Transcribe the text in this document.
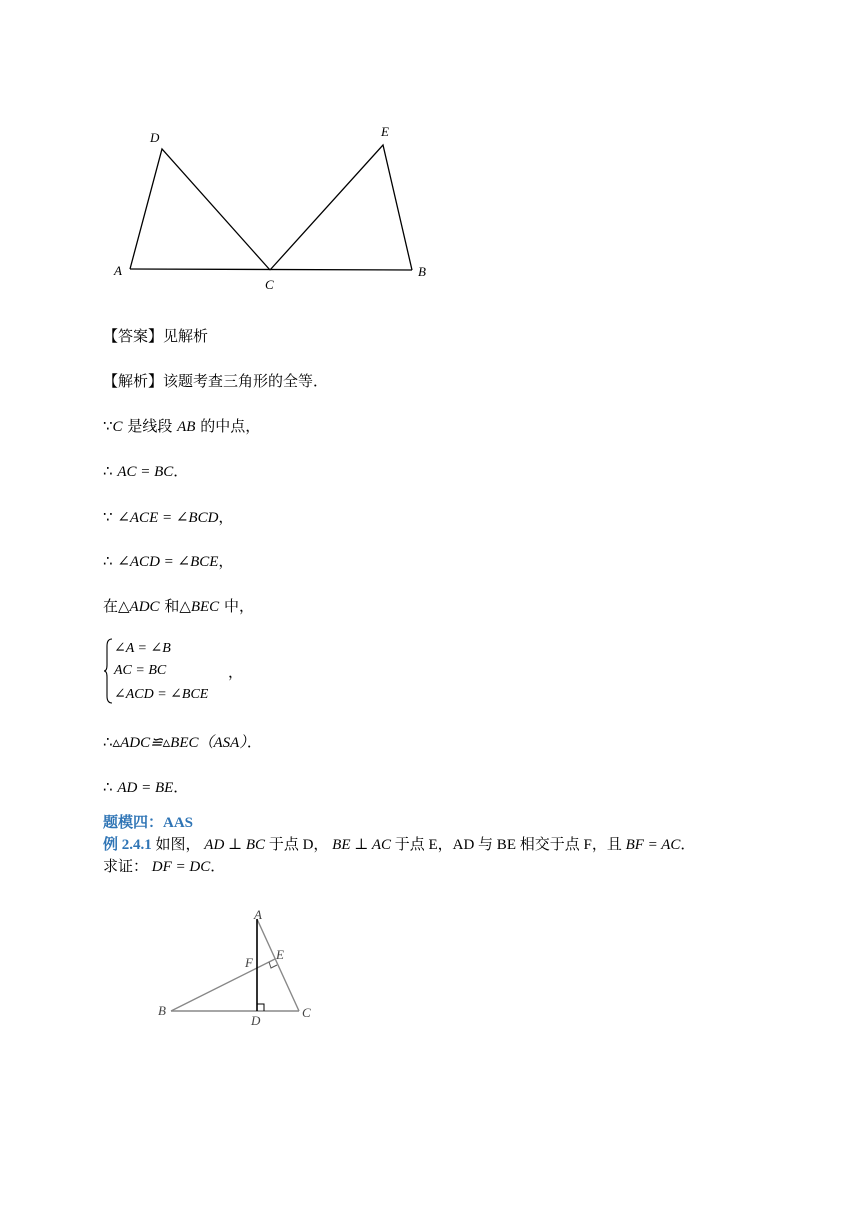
D	E
A
C
B
【答案】见解析
【解析】该题考查三角形的全等．
∵C 是线段 AB 的中点，
∴ AC = BC．
∵ ∠ACE = ∠BCD，
∴ ∠ACD = ∠BCE，
在△ADC 和△BEC 中，
∠A = ∠B
AC = BC
∠ACD = ∠BCE
，
∴▵ADC≌▵BEC（ASA）．
∴ AD = BE．
题模四：AAS
例 2.4.1 如图， AD ⊥ BC 于点 D， BE ⊥ AC 于点 E，AD 与 BE 相交于点 F，且 BF = AC．
求证： DF = DC．
A
E
F
B
D
C
